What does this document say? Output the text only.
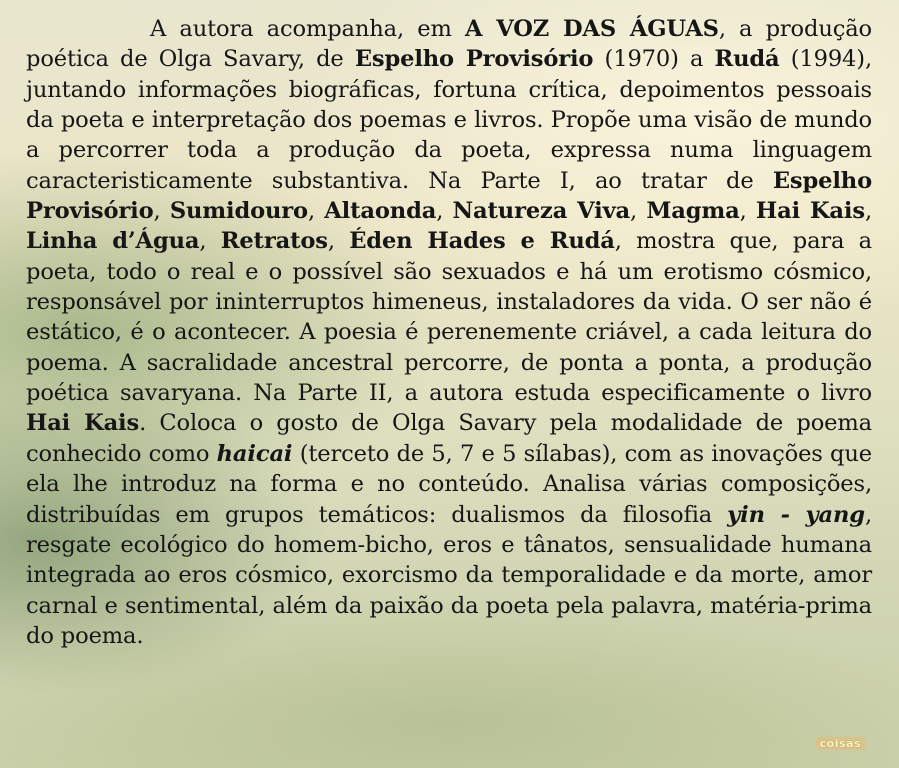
A autora acompanha, em A VOZ DAS ÁGUAS, a produção poética de Olga Savary, de Espelho Provisório (1970) a Rudá (1994), juntando informações biográficas, fortuna crítica, depoimentos pessoais da poeta e interpretação dos poemas e livros. Propõe uma visão de mundo a percorrer toda a produção da poeta, expressa numa linguagem caracteristicamente substantiva. Na Parte I, ao tratar de Espelho Provisório, Sumidouro, Altaonda, Natureza Viva, Magma, Hai Kais, Linha d’Água, Retratos, Éden Hades e Rudá, mostra que, para a poeta, todo o real e o possível são sexuados e há um erotismo cósmico, responsável por ininterruptos himeneus, instaladores da vida. O ser não é estático, é o acontecer. A poesia é perenemente criável, a cada leitura do poema. A sacralidade ancestral percorre, de ponta a ponta, a produção poética savaryana. Na Parte II, a autora estuda especificamente o livro Hai Kais. Coloca o gosto de Olga Savary pela modalidade de poema conhecido como haicai (terceto de 5, 7 e 5 sílabas), com as inovações que ela lhe introduz na forma e no conteúdo. Analisa várias composições, distribuídas em grupos temáticos: dualismos da filosofia yin - yang, resgate ecológico do homem-bicho, eros e tânatos, sensualidade humana integrada ao eros cósmico, exorcismo da temporalidade e da morte, amor carnal e sentimental, além da paixão da poeta pela palavra, matéria-prima do poema.

coisas
